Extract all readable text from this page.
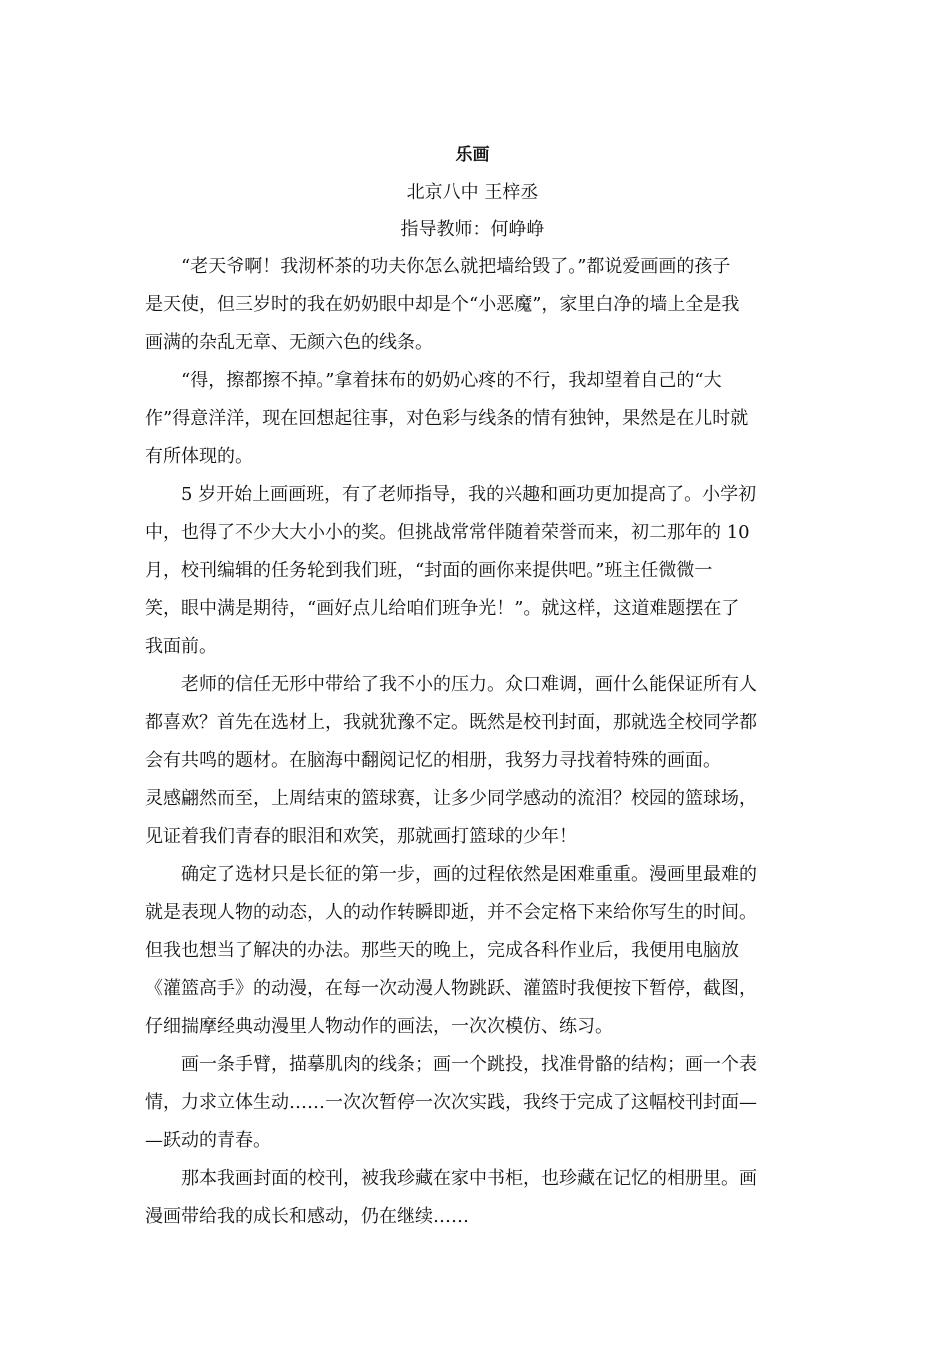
乐画
北京八中 王梓丞
指导教师：何峥峥

“老天爷啊！我沏杯茶的功夫你怎么就把墙给毁了。”都说爱画画的孩子
是天使，但三岁时的我在奶奶眼中却是个“小恶魔”，家里白净的墙上全是我
画满的杂乱无章、无颜六色的线条。

“得，擦都擦不掉。”拿着抹布的奶奶心疼的不行，我却望着自己的“大
作”得意洋洋，现在回想起往事，对色彩与线条的情有独钟，果然是在儿时就
有所体现的。

5 岁开始上画画班，有了老师指导，我的兴趣和画功更加提高了。小学初
中，也得了不少大大小小的奖。但挑战常常伴随着荣誉而来，初二那年的 10
月，校刊编辑的任务轮到我们班，“封面的画你来提供吧。”班主任微微一
笑，眼中满是期待，“画好点儿给咱们班争光！”。就这样，这道难题摆在了
我面前。

老师的信任无形中带给了我不小的压力。众口难调，画什么能保证所有人
都喜欢？首先在选材上，我就犹豫不定。既然是校刊封面，那就选全校同学都
会有共鸣的题材。在脑海中翻阅记忆的相册，我努力寻找着特殊的画面。

灵感翩然而至，上周结束的篮球赛，让多少同学感动的流泪？校园的篮球场，
见证着我们青春的眼泪和欢笑，那就画打篮球的少年！

确定了选材只是长征的第一步，画的过程依然是困难重重。漫画里最难的
就是表现人物的动态，人的动作转瞬即逝，并不会定格下来给你写生的时间。
但我也想当了解决的办法。那些天的晚上，完成各科作业后，我便用电脑放
《灌篮高手》的动漫，在每一次动漫人物跳跃、灌篮时我便按下暂停，截图，
仔细揣摩经典动漫里人物动作的画法，一次次模仿、练习。

画一条手臂，描摹肌肉的线条；画一个跳投，找准骨骼的结构；画一个表
情，力求立体生动……一次次暂停一次次实践，我终于完成了这幅校刊封面—
—跃动的青春。

那本我画封面的校刊，被我珍藏在家中书柜，也珍藏在记忆的相册里。画
漫画带给我的成长和感动，仍在继续……
